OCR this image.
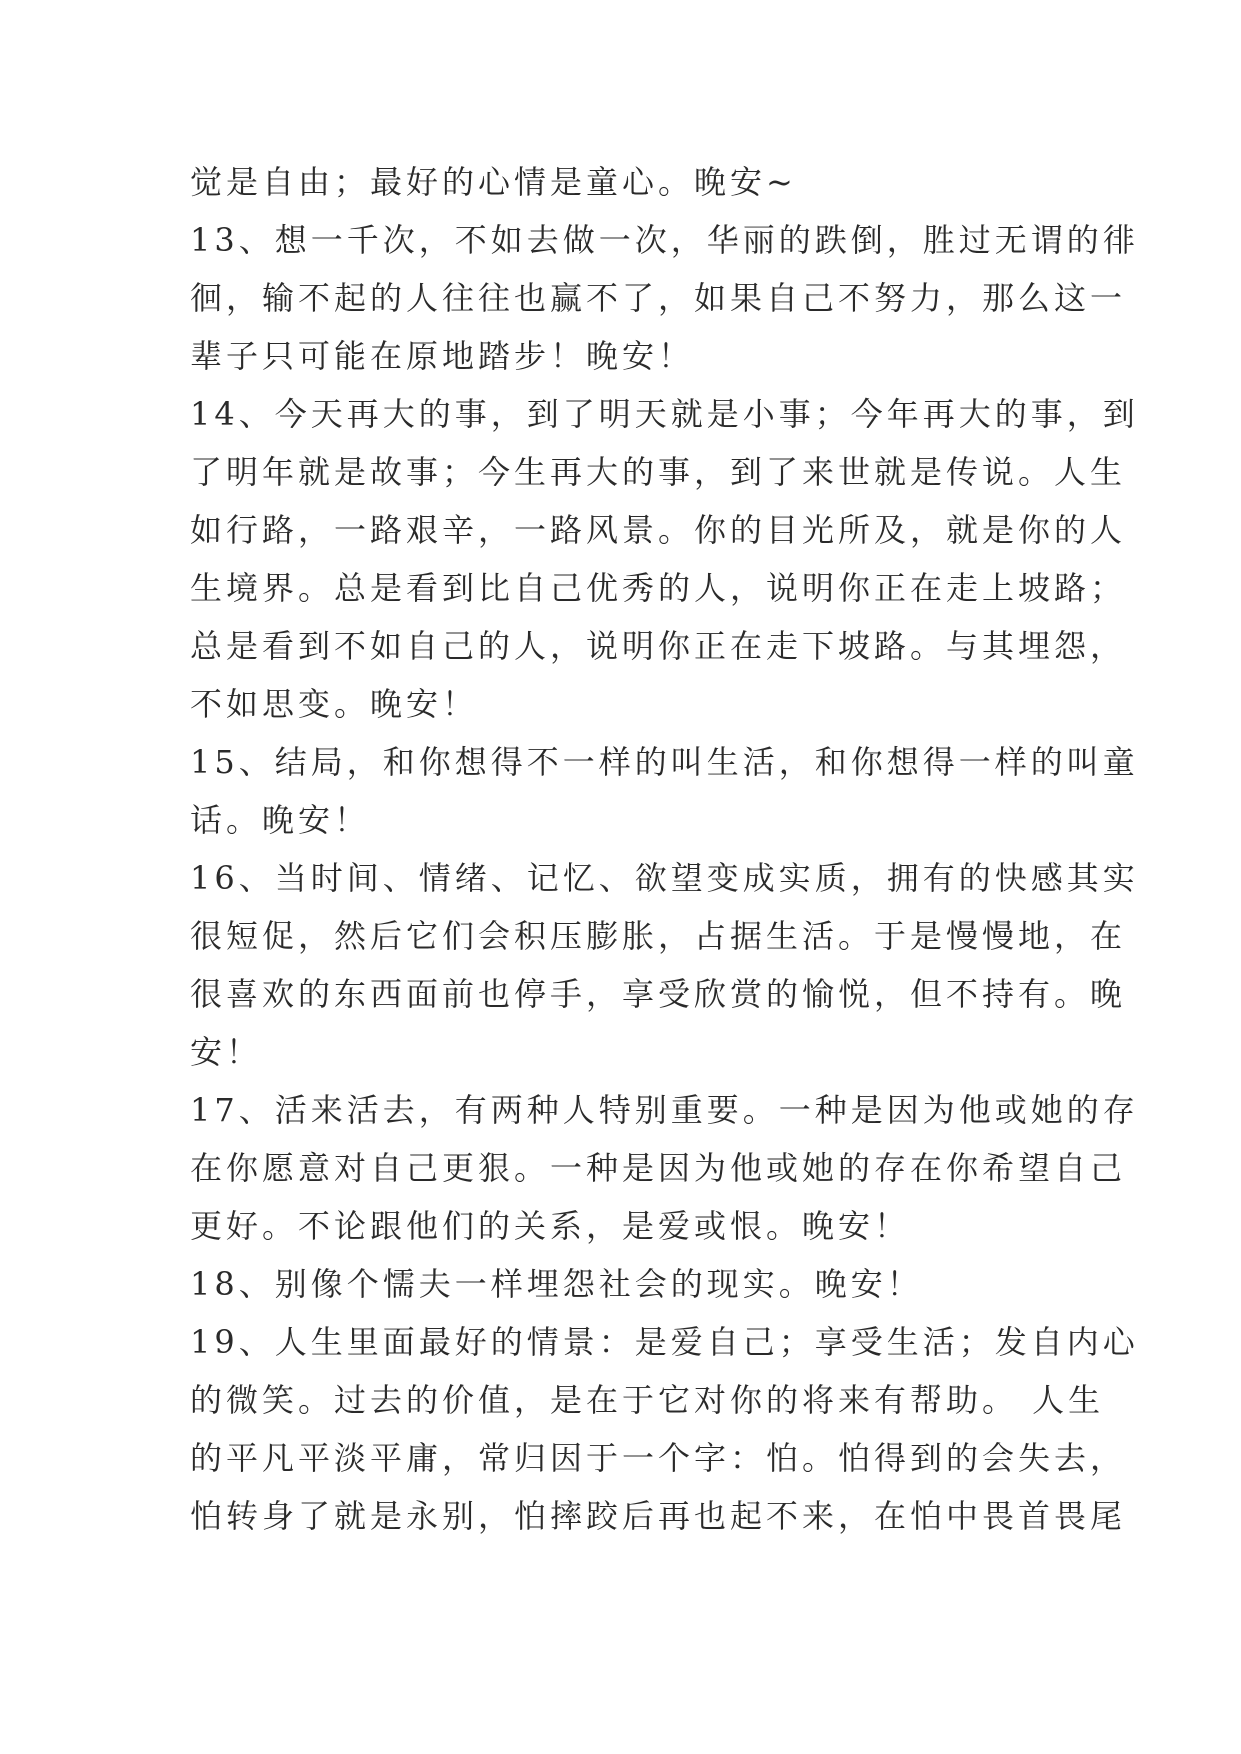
觉是自由；最好的心情是童心。晚安~
13、想一千次，不如去做一次，华丽的跌倒，胜过无谓的徘
徊，输不起的人往往也赢不了，如果自己不努力，那么这一
辈子只可能在原地踏步！晚安！
14、今天再大的事，到了明天就是小事；今年再大的事，到
了明年就是故事；今生再大的事，到了来世就是传说。人生
如行路，一路艰辛，一路风景。你的目光所及，就是你的人
生境界。总是看到比自己优秀的人，说明你正在走上坡路；
总是看到不如自己的人，说明你正在走下坡路。与其埋怨，
不如思变。晚安！
15、结局，和你想得不一样的叫生活，和你想得一样的叫童
话。晚安！
16、当时间、情绪、记忆、欲望变成实质，拥有的快感其实
很短促，然后它们会积压膨胀，占据生活。于是慢慢地，在
很喜欢的东西面前也停手，享受欣赏的愉悦，但不持有。晚
安！
17、活来活去，有两种人特别重要。一种是因为他或她的存
在你愿意对自己更狠。一种是因为他或她的存在你希望自己
更好。不论跟他们的关系，是爱或恨。晚安！
18、别像个懦夫一样埋怨社会的现实。晚安！
19、人生里面最好的情景：是爱自己；享受生活；发自内心
的微笑。过去的价值，是在于它对你的将来有帮助。 人生
的平凡平淡平庸，常归因于一个字：怕。怕得到的会失去，
怕转身了就是永别，怕摔跤后再也起不来，在怕中畏首畏尾
